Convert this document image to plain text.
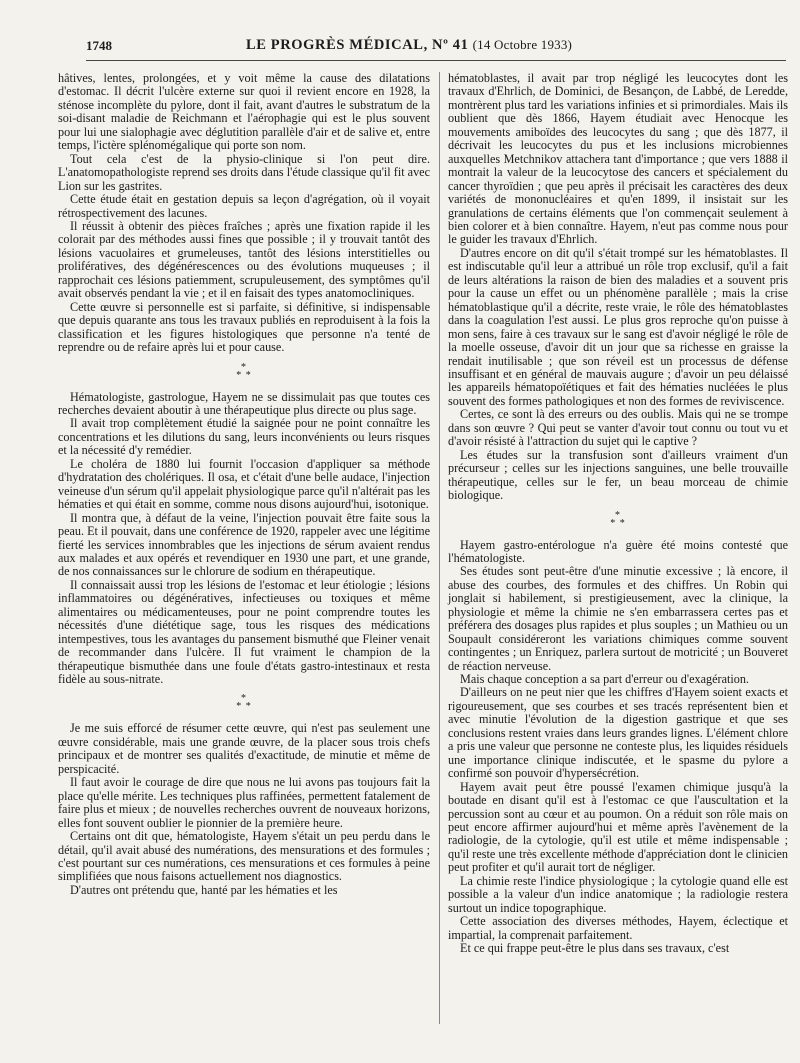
1748	LE PROGRÈS MÉDICAL, Nº 41 (14 Octobre 1933)

hâtives, lentes, prolongées, et y voit même la cause des dilatations d'estomac. Il décrit l'ulcère externe sur quoi il revient encore en 1928, la sténose incomplète du pylore, dont il fait, avant d'autres le substratum de la soi-disant maladie de Reichmann et l'aérophagie qui est le plus souvent pour lui une sialophagie avec déglutition parallèle d'air et de salive et, entre temps, l'ictère splénomégalique qui porte son nom.

Tout cela c'est de la physio-clinique si l'on peut dire. L'anatomopathologiste reprend ses droits dans l'étude classique qu'il fit avec Lion sur les gastrites.

Cette étude était en gestation depuis sa leçon d'agrégation, où il voyait rétrospectivement des lacunes.

Il réussit à obtenir des pièces fraîches ; après une fixation rapide il les colorait par des méthodes aussi fines que possible ; il y trouvait tantôt des lésions vacuolaires et grumeleuses, tantôt des lésions interstitielles ou prolifératives, des dégénérescences ou des évolutions muqueuses ; il rapprochait ces lésions patiemment, scrupuleusement, des symptômes qu'il avait observés pendant la vie ; et il en faisait des types anatomocliniques.

Cette œuvre si personnelle est si parfaite, si définitive, si indispensable que depuis quarante ans tous les travaux publiés en reproduisent à la fois la classification et les figures histologiques que personne n'a tenté de reprendre ou de refaire après lui et pour cause.

*
* *

Hématologiste, gastrologue, Hayem ne se dissimulait pas que toutes ces recherches devaient aboutir à une thérapeutique plus directe ou plus sage.

Il avait trop complètement étudié la saignée pour ne point connaître les concentrations et les dilutions du sang, leurs inconvénients ou leurs risques et la nécessité d'y remédier.

Le choléra de 1880 lui fournit l'occasion d'appliquer sa méthode d'hydratation des cholériques. Il osa, et c'était d'une belle audace, l'injection veineuse d'un sérum qu'il appelait physiologique parce qu'il n'altérait pas les hématies et qui était en somme, comme nous disons aujourd'hui, isotonique.

Il montra que, à défaut de la veine, l'injection pouvait être faite sous la peau. Et il pouvait, dans une conférence de 1920, rappeler avec une légitime fierté les services innombrables que les injections de sérum avaient rendus aux malades et aux opérés et revendiquer en 1930 une part, et une grande, de nos connaissances sur le chlorure de sodium en thérapeutique.

Il connaissait aussi trop les lésions de l'estomac et leur étiologie ; lésions inflammatoires ou dégénératives, infectieuses ou toxiques et même alimentaires ou médicamenteuses, pour ne point comprendre toutes les nécessités d'une diététique sage, tous les risques des médications intempestives, tous les avantages du pansement bismuthé que Fleiner venait de recommander dans l'ulcère. Il fut vraiment le champion de la thérapeutique bismuthée dans une foule d'états gastro-intestinaux et resta fidèle au sous-nitrate.

*
* *

Je me suis efforcé de résumer cette œuvre, qui n'est pas seulement une œuvre considérable, mais une grande œuvre, de la placer sous trois chefs principaux et de montrer ses qualités d'exactitude, de minutie et même de perspicacité.

Il faut avoir le courage de dire que nous ne lui avons pas toujours fait la place qu'elle mérite. Les techniques plus raffinées, permettent fatalement de faire plus et mieux ; de nouvelles recherches ouvrent de nouveaux horizons, elles font souvent oublier le pionnier de la première heure.

Certains ont dit que, hématologiste, Hayem s'était un peu perdu dans le détail, qu'il avait abusé des numérations, des mensurations et des formules ; c'est pourtant sur ces numérations, ces mensurations et ces formules à peine simplifiées que nous faisons actuellement nos diagnostics.

D'autres ont prétendu que, hanté par les hématies et les

hématoblastes, il avait par trop négligé les leucocytes dont les travaux d'Ehrlich, de Dominici, de Besançon, de Labbé, de Leredde, montrèrent plus tard les variations infinies et si primordiales. Mais ils oublient que dès 1866, Hayem étudiait avec Henocque les mouvements amiboïdes des leucocytes du sang ; que dès 1877, il décrivait les leucocytes du pus et les inclusions microbiennes auxquelles Metchnikov attachera tant d'importance ; que vers 1888 il montrait la valeur de la leucocytose des cancers et spécialement du cancer thyroïdien ; que peu après il précisait les caractères des deux variétés de mononucléaires et qu'en 1899, il insistait sur les granulations de certains éléments que l'on commençait seulement à bien colorer et à bien connaître. Hayem, n'eut pas comme nous pour le guider les travaux d'Ehrlich.

D'autres encore on dit qu'il s'était trompé sur les hématoblastes. Il est indiscutable qu'il leur a attribué un rôle trop exclusif, qu'il a fait de leurs altérations la raison de bien des maladies et a souvent pris pour la cause un effet ou un phénomène parallèle ; mais la crise hématoblastique qu'il a décrite, reste vraie, le rôle des hématoblastes dans la coagulation l'est aussi. Le plus gros reproche qu'on puisse à mon sens, faire à ces travaux sur le sang est d'avoir négligé le rôle de la moelle osseuse, d'avoir dit un jour que sa richesse en graisse la rendait inutilisable ; que son réveil est un processus de défense insuffisant et en général de mauvais augure ; d'avoir un peu délaissé les appareils hématopoïétiques et fait des hématies nucléées le plus souvent des formes pathologiques et non des formes de reviviscence.

Certes, ce sont là des erreurs ou des oublis. Mais qui ne se trompe dans son œuvre ? Qui peut se vanter d'avoir tout connu ou tout vu et d'avoir résisté à l'attraction du sujet qui le captive ?

Les études sur la transfusion sont d'ailleurs vraiment d'un précurseur ; celles sur les injections sanguines, une belle trouvaille thérapeutique, celles sur le fer, un beau morceau de chimie biologique.

*
* *

Hayem gastro-entérologue n'a guère été moins contesté que l'hématologiste.

Ses études sont peut-être d'une minutie excessive ; là encore, il abuse des courbes, des formules et des chiffres. Un Robin qui jonglait si habilement, si prestigieusement, avec la clinique, la physiologie et même la chimie ne s'en embarrassera certes pas et préférera des dosages plus rapides et plus souples ; un Mathieu ou un Soupault considéreront les variations chimiques comme souvent contingentes ; un Enriquez, parlera surtout de motricité ; un Bouveret de réaction nerveuse.

Mais chaque conception a sa part d'erreur ou d'exagération.

D'ailleurs on ne peut nier que les chiffres d'Hayem soient exacts et rigoureusement, que ses courbes et ses tracés représentent bien et avec minutie l'évolution de la digestion gastrique et que ses conclusions restent vraies dans leurs grandes lignes. L'élément chlore a pris une valeur que personne ne conteste plus, les liquides résiduels une importance clinique indiscutée, et le spasme du pylore a confirmé son pouvoir d'hypersécrétion.

Hayem avait peut être poussé l'examen chimique jusqu'à la boutade en disant qu'il est à l'estomac ce que l'auscultation et la percussion sont au cœur et au poumon. On a réduit son rôle mais on peut encore affirmer aujourd'hui et même après l'avènement de la radiologie, de la cytologie, qu'il est utile et même indispensable ; qu'il reste une très excellente méthode d'appréciation dont le clinicien peut profiter et qu'il aurait tort de négliger.

La chimie reste l'indice physiologique ; la cytologie quand elle est possible a la valeur d'un indice anatomique ; la radiologie restera surtout un indice topographique.

Cette association des diverses méthodes, Hayem, éclectique et impartial, la comprenait parfaitement.

Et ce qui frappe peut-être le plus dans ses travaux, c'est
